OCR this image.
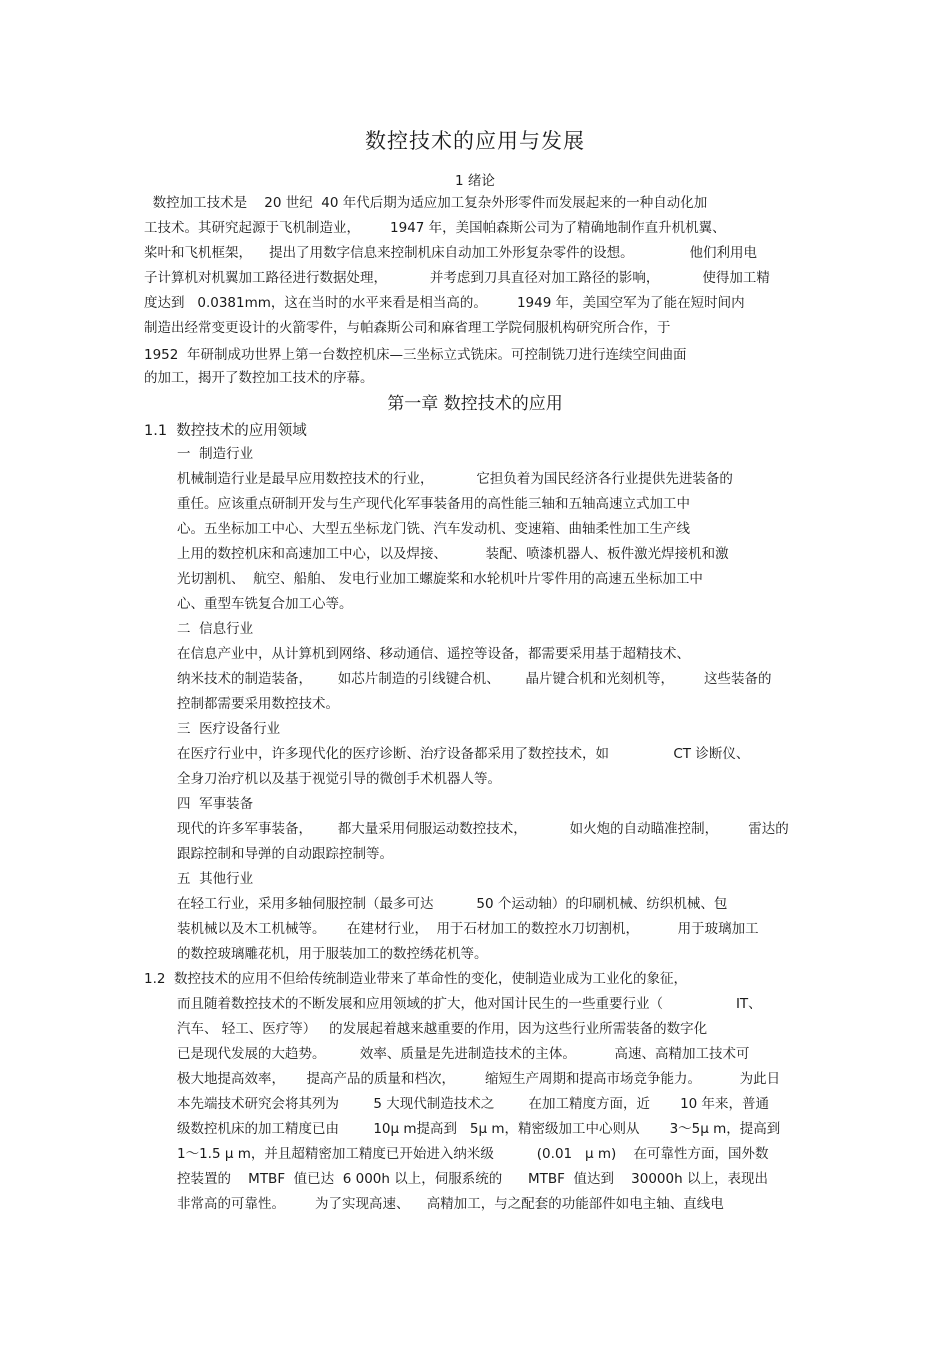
数控技术的应用与发展
1 绪论
数控加工技术是    20 世纪  40 年代后期为适应加工复杂外形零件而发展起来的一种自动化加
工技术。其研究起源于飞机制造业，       1947 年，美国帕森斯公司为了精确地制作直升机机翼、
桨叶和飞机框架，    提出了用数字信息来控制机床自动加工外形复杂零件的设想。             他们利用电
子计算机对机翼加工路径进行数据处理，          并考虑到刀具直径对加工路径的影响，          使得加工精
度达到   0.0381mm，这在当时的水平来看是相当高的。       1949 年，美国空军为了能在短时间内
制造出经常变更设计的火箭零件，与帕森斯公司和麻省理工学院伺服机构研究所合作，于
1952  年研制成功世界上第一台数控机床—三坐标立式铣床。可控制铣刀进行连续空间曲面
的加工，揭开了数控加工技术的序幕。
第一章 数控技术的应用
1.1  数控技术的应用领域
一  制造行业
机械制造行业是最早应用数控技术的行业，          它担负着为国民经济各行业提供先进装备的
重任。应该重点研制开发与生产现代化军事装备用的高性能三轴和五轴高速立式加工中
心。五坐标加工中心、大型五坐标龙门铣、汽车发动机、变速箱、曲轴柔性加工生产线
上用的数控机床和高速加工中心，以及焊接、         装配、喷漆机器人、板件激光焊接机和激
光切割机、  航空、船舶、 发电行业加工螺旋桨和水轮机叶片零件用的高速五坐标加工中
心、重型车铣复合加工心等。
二  信息行业
在信息产业中，从计算机到网络、移动通信、遥控等设备，都需要采用基于超精技术、
纳米技术的制造装备，      如芯片制造的引线键合机、      晶片键合机和光刻机等，       这些装备的
控制都需要采用数控技术。
三  医疗设备行业
在医疗行业中，许多现代化的医疗诊断、治疗设备都采用了数控技术，如               CT 诊断仪、
全身刀治疗机以及基于视觉引导的微创手术机器人等。
四  军事装备
现代的许多军事装备，      都大量采用伺服运动数控技术，          如火炮的自动瞄准控制，       雷达的
跟踪控制和导弹的自动跟踪控制等。
五  其他行业
在轻工行业，采用多轴伺服控制（最多可达          50 个运动轴）的印刷机械、纺织机械、包
装机械以及木工机械等。     在建材行业，  用于石材加工的数控水刀切割机，         用于玻璃加工
的数控玻璃雕花机，用于服装加工的数控绣花机等。
1.2  数控技术的应用不但给传统制造业带来了革命性的变化，使制造业成为工业化的象征，
而且随着数控技术的不断发展和应用领域的扩大，他对国计民生的一些重要行业（                 IT、
汽车、 轻工、医疗等）   的发展起着越来越重要的作用，因为这些行业所需装备的数字化
已是现代发展的大趋势。        效率、质量是先进制造技术的主体。         高速、高精加工技术可
极大地提高效率，     提高产品的质量和档次，       缩短生产周期和提高市场竞争能力。         为此日
本先端技术研究会将其列为        5 大现代制造技术之        在加工精度方面，近       10 年来，普通
级数控机床的加工精度已由        10μ m提高到   5μ m，精密级加工中心则从       3～5μ m，提高到
1～1.5 μ m，并且超精密加工精度已开始进入纳米级          (0.01   μ m)    在可靠性方面，国外数
控装置的    MTBF  值已达  6 000h 以上，伺服系统的      MTBF  值达到    30000h 以上，表现出
非常高的可靠性。       为了实现高速、    高精加工，与之配套的功能部件如电主轴、直线电
